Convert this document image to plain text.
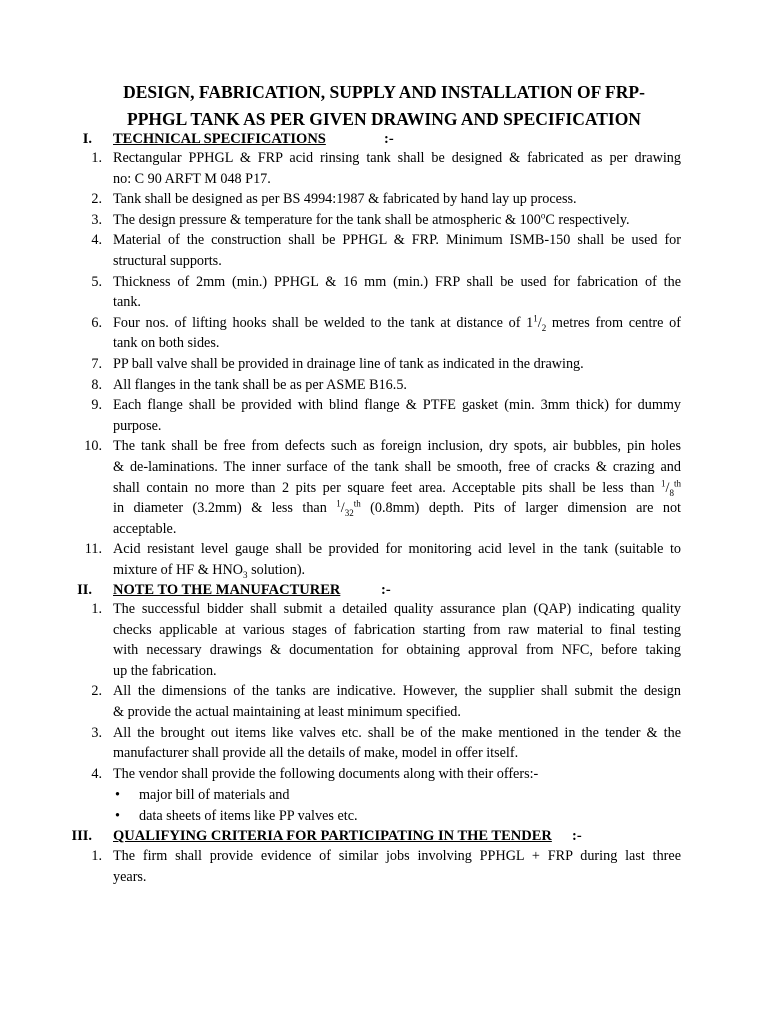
DESIGN, FABRICATION, SUPPLY AND INSTALLATION OF FRP-
PPHGL TANK AS PER GIVEN DRAWING AND SPECIFICATION
I. TECHNICAL SPECIFICATIONS	:-
1. Rectangular PPHGL & FRP acid rinsing tank shall be designed & fabricated as per drawing
no: C 90 ARFT M 048 P17.
2. Tank shall be designed as per BS 4994:1987 & fabricated by hand lay up process.
3. The design pressure & temperature for the tank shall be atmospheric & 100$^o$C respectively.
4. Material of the construction shall be PPHGL & FRP. Minimum ISMB-150 shall be used for
structural supports.
5. Thickness of 2mm (min.) PPHGL & 16 mm (min.) FRP shall be used for fabrication of the
tank.
6. Four nos. of lifting hooks shall be welded to the tank at distance of $1^1/_2$ metres from centre of
tank on both sides.
7. PP ball valve shall be provided in drainage line of tank as indicated in the drawing.
8. All flanges in the tank shall be as per ASME B16.5.
9. Each flange shall be provided with blind flange & PTFE gasket (min. 3mm thick) for dummy
purpose.
10. The tank shall be free from defects such as foreign inclusion, dry spots, air bubbles, pin holes
& de-laminations. The inner surface of the tank shall be smooth, free of cracks & crazing and
shall contain no more than 2 pits per square feet area. Acceptable pits shall be less than $^1/_8^{th}$
in diameter (3.2mm) & less than $^1/_{32}^{th}$ (0.8mm) depth. Pits of larger dimension are not
acceptable.
11. Acid resistant level gauge shall be provided for monitoring acid level in the tank (suitable to
mixture of HF & $HNO_3$ solution).
II. NOTE TO THE MANUFACTURER	:-
1. The successful bidder shall submit a detailed quality assurance plan (QAP) indicating quality
checks applicable at various stages of fabrication starting from raw material to final testing
with necessary drawings & documentation for obtaining approval from NFC, before taking
up the fabrication.
2. All the dimensions of the tanks are indicative. However, the supplier shall submit the design
& provide the actual maintaining at least minimum specified.
3. All the brought out items like valves etc. shall be of the make mentioned in the tender & the
manufacturer shall provide all the details of make, model in offer itself.
4. The vendor shall provide the following documents along with their offers:-
• major bill of materials and
• data sheets of items like PP valves etc.
III. QUALIFYING CRITERIA FOR PARTICIPATING IN THE TENDER :-
1. The firm shall provide evidence of similar jobs involving PPHGL + FRP during last three
years.
